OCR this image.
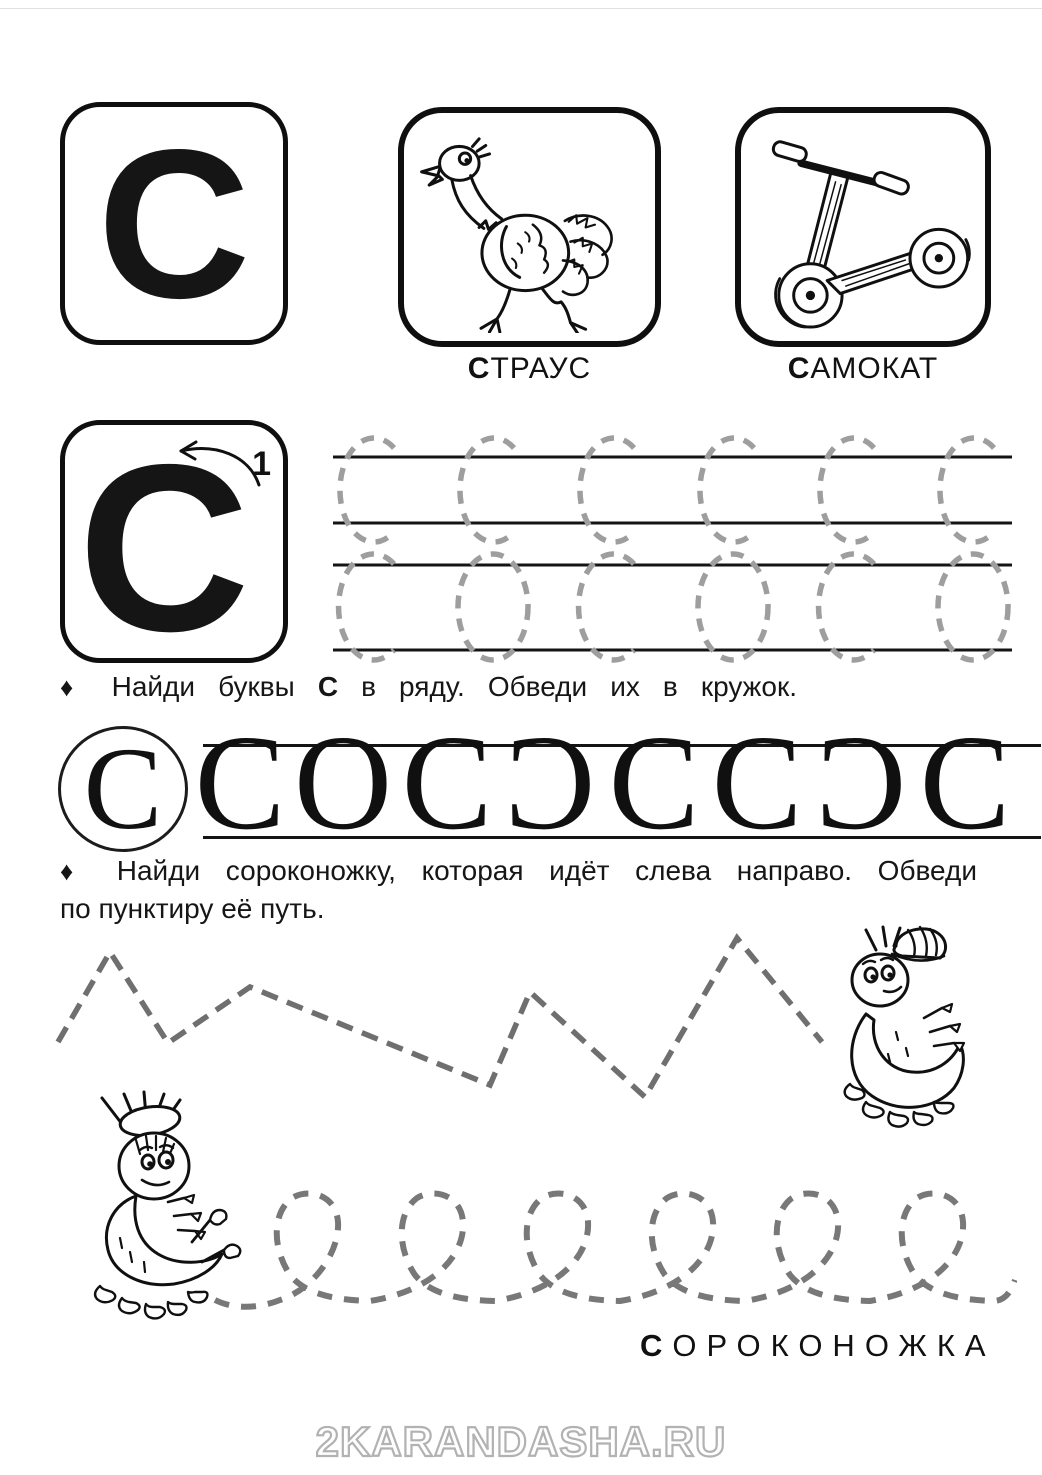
С
СТРАУС	САМОКАТ
С 1
♦ Найди буквы С в ряду. Обведи их в кружок.
С С О С С С С С С
♦ Найди сороконожку, которая идёт слева направо. Обведи
по пунктиру её путь.
СОРОКОНОЖКА
2KARANDASHA.RU
